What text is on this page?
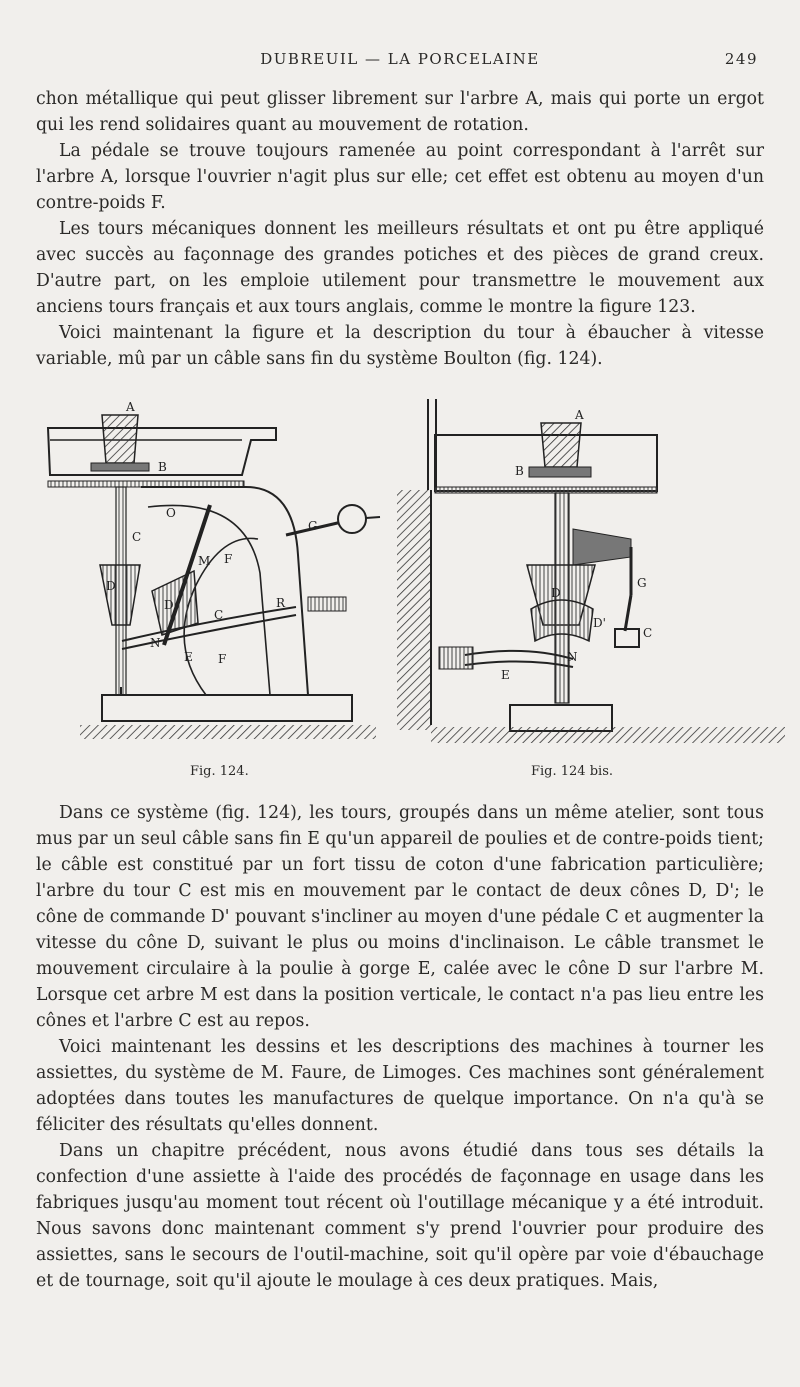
DUBREUIL — LA PORCELAINE	249

chon métallique qui peut glisser librement sur l'arbre A, mais qui porte un ergot qui les rend solidaires quant au mouvement de rotation.

La pédale se trouve toujours ramenée au point correspondant à l'arrêt sur l'arbre A, lorsque l'ouvrier n'agit plus sur elle; cet effet est obtenu au moyen d'un contre-poids F.

Les tours mécaniques donnent les meilleurs résultats et ont pu être appliqué avec succès au façonnage des grandes potiches et des pièces de grand creux. D'autre part, on les emploie utilement pour transmettre le mouvement aux anciens tours français et aux tours anglais, comme le montre la figure 123.

Voici maintenant la figure et la description du tour à ébaucher à vitesse variable, mû par un câble sans fin du système Boulton (fig. 124).

A
B
O
C
D
D
M F
G
R
C
N
E F
A
B
D
D'
G
C
E
N
Fig. 124.	Fig. 124 bis.

Dans ce système (fig. 124), les tours, groupés dans un même atelier, sont tous mus par un seul câble sans fin E qu'un appareil de poulies et de contre-poids tient; le câble est constitué par un fort tissu de coton d'une fabrication particulière; l'arbre du tour C est mis en mouvement par le contact de deux cônes D, D'; le cône de commande D' pouvant s'incliner au moyen d'une pédale C et augmenter la vitesse du cône D, suivant le plus ou moins d'inclinaison. Le câble transmet le mouvement circulaire à la poulie à gorge E, calée avec le cône D sur l'arbre M. Lorsque cet arbre M est dans la position verticale, le contact n'a pas lieu entre les cônes et l'arbre C est au repos.

Voici maintenant les dessins et les descriptions des machines à tourner les assiettes, du système de M. Faure, de Limoges. Ces machines sont généralement adoptées dans toutes les manufactures de quelque importance. On n'a qu'à se féliciter des résultats qu'elles donnent.

Dans un chapitre précédent, nous avons étudié dans tous ses détails la confection d'une assiette à l'aide des procédés de façonnage en usage dans les fabriques jusqu'au moment tout récent où l'outillage mécanique y a été introduit. Nous savons donc maintenant comment s'y prend l'ouvrier pour produire des assiettes, sans le secours de l'outil-machine, soit qu'il opère par voie d'ébauchage et de tournage, soit qu'il ajoute le moulage à ces deux pratiques. Mais,
